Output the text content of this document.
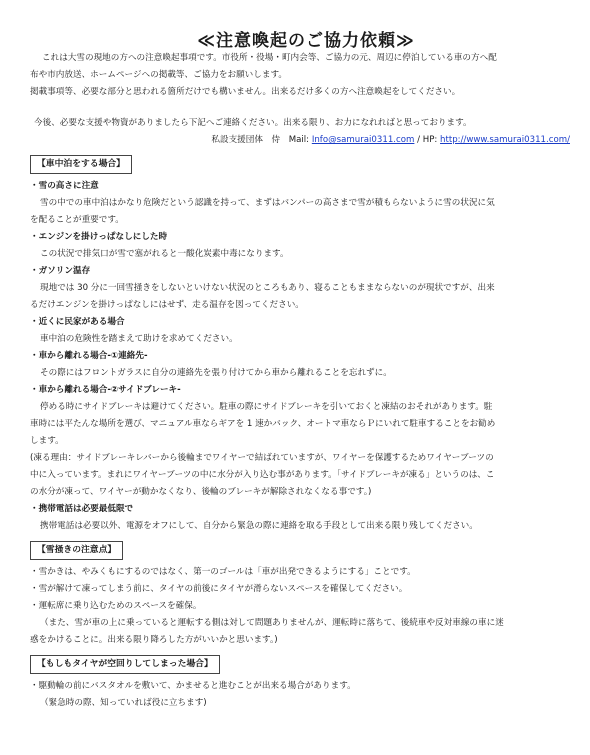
≪注意喚起のご協力依頼≫
これは大雪の現地の方への注意喚起事項です。市役所・役場・町内会等、ご協力の元、周辺に停泊している車の方へ配
布や市内放送、ホームページへの掲載等、ご協力をお願いします。
掲載事項等、必要な部分と思われる箇所だけでも構いません。出来るだけ多くの方へ注意喚起をしてください。
今後、必要な支援や物資がありましたら下記へご連絡ください。出来る限り、お力になれればと思っております。
私設支援団体　侍　Mail: Info@samurai0311.com / HP: http://www.samurai0311.com/
【車中泊をする場合】
・雪の高さに注意
雪の中での車中泊はかなり危険だという認識を持って、まずはバンパーの高さまで雪が積もらないように雪の状況に気
を配ることが重要です。
・エンジンを掛けっぱなしにした時
この状況で排気口が雪で塞がれると一酸化炭素中毒になります。
・ガソリン温存
現地では 30 分に一回雪掻きをしないといけない状況のところもあり、寝ることもままならないのが現状ですが、出来
るだけエンジンを掛けっぱなしにはせず、走る温存を図ってください。
・近くに民家がある場合
車中泊の危険性を踏まえて助けを求めてください。
・車から離れる場合-①連絡先-
その際にはフロントガラスに自分の連絡先を張り付けてから車から離れることを忘れずに。
・車から離れる場合-②サイドブレーキ-
停める時にサイドブレーキは避けてください。駐車の際にサイドブレーキを引いておくと凍結のおそれがあります。駐
車時には平たんな場所を選び、マニュアル車ならギアを 1 速かバック、オートマ車ならＰにいれて駐車することをお勧め
します。
(凍る理由：サイドブレーキレバーから後輪までワイヤーで結ばれていますが、ワイヤーを保護するためワイヤーブーツの
中に入っています。まれにワイヤーブーツの中に水分が入り込む事があります。「サイドブレーキが凍る」というのは、こ
の水分が凍って、ワイヤーが動かなくなり、後輪のブレーキが解除されなくなる事です。)
・携帯電話は必要最低限で
携帯電話は必要以外、電源をオフにして、自分から緊急の際に連絡を取る手段として出来る限り残してください。
【雪掻きの注意点】
・雪かきは、やみくもにするのではなく、第一のゴールは「車が出発できるようにする」ことです。
・雪が解けて凍ってしまう前に、タイヤの前後にタイヤが滑らないスペースを確保してください。
・運転席に乗り込むためのスペースを確保。
（また、雪が車の上に乗っていると運転する側は対して問題ありませんが、運転時に落ちて、後続車や反対車線の車に迷
惑をかけることに。出来る限り降ろした方がいいかと思います。)
【もしもタイヤが空回りしてしまった場合】
・駆動輪の前にバスタオルを敷いて、かませると進むことが出来る場合があります。
（緊急時の際、知っていれば役に立ちます)
